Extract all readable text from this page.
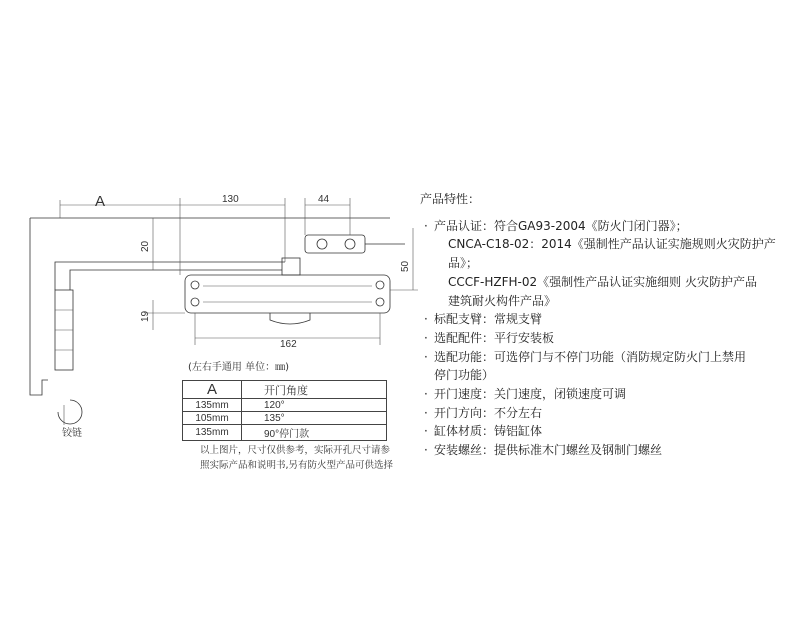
A	130	44
20
19
50
162
铰链
(左右手通用 单位：㎜)
A	开门角度
135mm	120°
105mm	135°
135mm	90°停门款
以上图片，尺寸仅供参考，实际开孔尺寸请参
照实际产品和说明书,另有防火型产品可供选择
产品特性：
· 产品认证：符合GA93-2004《防火门闭门器》；
CNCA-C18-02：2014《强制性产品认证实施规则火灾防护产品》；
CCCF-HZFH-02《强制性产品认证实施细则 火灾防护产品
建筑耐火构件产品》
· 标配支臂：常规支臂
· 选配配件：平行安装板
· 选配功能：可选停门与不停门功能（消防规定防火门上禁用
停门功能）
· 开门速度：关门速度，闭锁速度可调
· 开门方向：不分左右
· 缸体材质：铸铝缸体
· 安装螺丝：提供标准木门螺丝及钢制门螺丝
